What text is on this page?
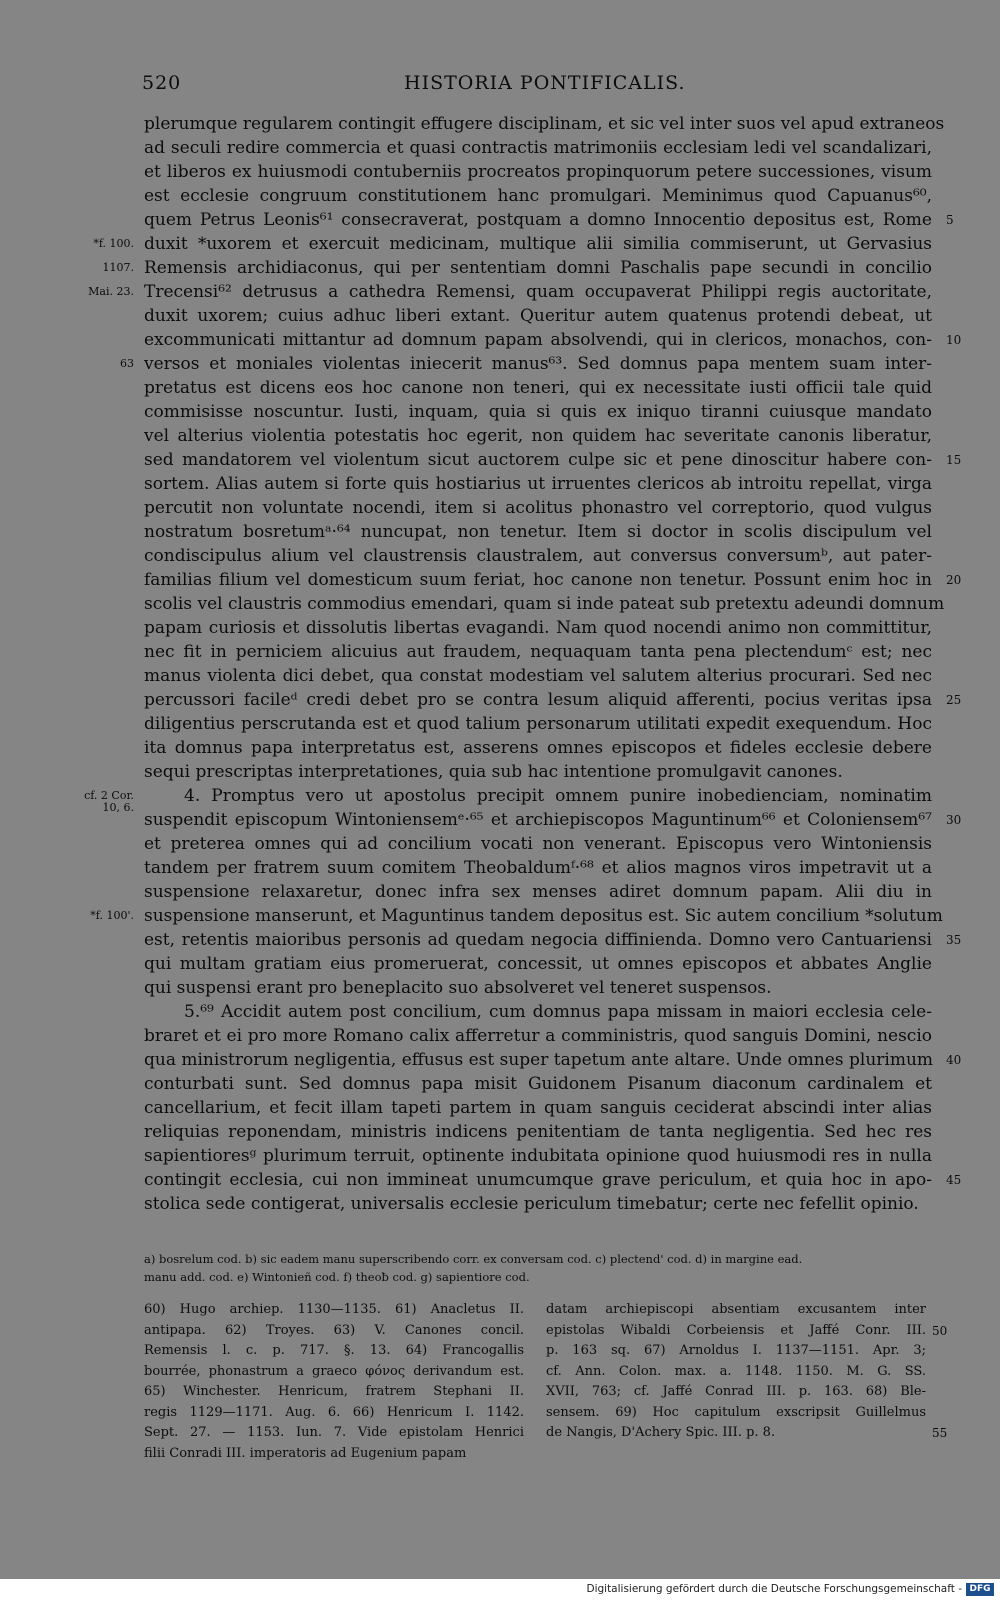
520	HISTORIA PONTIFICALIS.
plerumque regularem contingit effugere disciplinam, et sic vel inter suos vel apud extraneos
ad seculi redire commercia et quasi contractis matrimoniis ecclesiam ledi vel scandalizari,
et liberos ex huiusmodi contuberniis procreatos propinquorum petere successiones, visum
est ecclesie congruum constitutionem hanc promulgari. Meminimus quod Capuanus⁶⁰,
quem Petrus Leonis⁶¹ consecraverat, postquam a domno Innocentio depositus est, Rome 5
duxit *uxorem et exercuit medicinam, multique alii similia commiserunt, ut Gervasius
Remensis archidiaconus, qui per sententiam domni Paschalis pape secundi in concilio
Trecensi⁶² detrusus a cathedra Remensi, quam occupaverat Philippi regis auctoritate,
duxit uxorem; cuius adhuc liberi extant. Queritur autem quatenus protendi debeat, ut
excommunicati mittantur ad domnum papam absolvendi, qui in clericos, monachos, con- 10
versos et moniales violentas iniecerit manus⁶³. Sed domnus papa mentem suam inter-
pretatus est dicens eos hoc canone non teneri, qui ex necessitate iusti officii tale quid
commisisse noscuntur. Iusti, inquam, quia si quis ex iniquo tiranni cuiusque mandato
vel alterius violentia potestatis hoc egerit, non quidem hac severitate canonis liberatur,
sed mandatorem vel violentum sicut auctorem culpe sic et pene dinoscitur habere con- 15
sortem. Alias autem si forte quis hostiarius ut irruentes clericos ab introitu repellat, virga
percutit non voluntate nocendi, item si acolitus phonastro vel correptorio, quod vulgus
nostratum bosretumᵃ·⁶⁴ nuncupat, non tenetur. Item si doctor in scolis discipulum vel
condiscipulus alium vel claustrensis claustralem, aut conversus conversumᵇ, aut pater-
familias filium vel domesticum suum feriat, hoc canone non tenetur. Possunt enim hoc in 20
scolis vel claustris commodius emendari, quam si inde pateat sub pretextu adeundi domnum
papam curiosis et dissolutis libertas evagandi. Nam quod nocendi animo non committitur,
nec fit in perniciem alicuius aut fraudem, nequaquam tanta pena plectendumᶜ est; nec
manus violenta dici debet, qua constat modestiam vel salutem alterius procurari. Sed nec
percussori facileᵈ credi debet pro se contra lesum aliquid afferenti, pocius veritas ipsa 25
diligentius perscrutanda est et quod talium personarum utilitati expedit exequendum. Hoc
ita domnus papa interpretatus est, asserens omnes episcopos et fideles ecclesie debere
sequi prescriptas interpretationes, quia sub hac intentione promulgavit canones.
4. Promptus vero ut apostolus precipit omnem punire inobedienciam, nominatim
suspendit episcopum Wintoniensemᵉ·⁶⁵ et archiepiscopos Maguntinum⁶⁶ et Coloniensem⁶⁷ 30
et preterea omnes qui ad concilium vocati non venerant. Episcopus vero Wintoniensis
tandem per fratrem suum comitem Theobaldumᶠ·⁶⁸ et alios magnos viros impetravit ut a
suspensione relaxaretur, donec infra sex menses adiret domnum papam. Alii diu in
suspensione manserunt, et Maguntinus tandem depositus est. Sic autem concilium *solutum
est, retentis maioribus personis ad quedam negocia diffinienda. Domno vero Cantuariensi 35
qui multam gratiam eius promeruerat, concessit, ut omnes episcopos et abbates Anglie
qui suspensi erant pro beneplacito suo absolveret vel teneret suspensos.
5.⁶⁹ Accidit autem post concilium, cum domnus papa missam in maiori ecclesia cele-
braret et ei pro more Romano calix afferretur a comministris, quod sanguis Domini, nescio
qua ministrorum negligentia, effusus est super tapetum ante altare. Unde omnes plurimum 40
conturbati sunt. Sed domnus papa misit Guidonem Pisanum diaconum cardinalem et
cancellarium, et fecit illam tapeti partem in quam sanguis ceciderat abscindi inter alias
reliquias reponendam, ministris indicens penitentiam de tanta negligentia. Sed hec res
sapientioresᵍ plurimum terruit, optinente indubitata opinione quod huiusmodi res in nulla
contingit ecclesia, cui non immineat unumcumque grave periculum, et quia hoc in apo- 45
stolica sede contigerat, universalis ecclesie periculum timebatur; certe nec fefellit opinio.
*f. 100.
1107.
Mai. 23.
63
cf. 2 Cor.
10, 6.
*f. 100'.
a) bosrelum cod. b) sic eadem manu superscribendo corr. ex conversam cod. c) plectend' cod. d) in margine ead.
manu add. cod. e) Wintonieñ cod. f) theoƀ cod. g) sapientiore cod.
60) Hugo archiep. 1130—1135. 61) Anacletus II.
antipapa. 62) Troyes. 63) V. Canones concil.
Remensis l. c. p. 717. §. 13. 64) Francogallis
bourrée, phonastrum a graeco φόνος derivandum est.
65) Winchester. Henricum, fratrem Stephani II.
regis 1129—1171. Aug. 6. 66) Henricum I. 1142.
Sept. 27. — 1153. Iun. 7. Vide epistolam Henrici
filii Conradi III. imperatoris ad Eugenium papam
datam archiepiscopi absentiam excusantem inter
epistolas Wibaldi Corbeiensis et Jaffé Conr. III.
p. 163 sq. 67) Arnoldus I. 1137—1151. Apr. 3;
cf. Ann. Colon. max. a. 1148. 1150. M. G. SS.
XVII, 763; cf. Jaffé Conrad III. p. 163. 68) Ble-
sensem. 69) Hoc capitulum exscripsit Guillelmus
de Nangis, D'Achery Spic. III. p. 8.
50
55
Digitalisierung gefördert durch die Deutsche Forschungsgemeinschaft - DFG
